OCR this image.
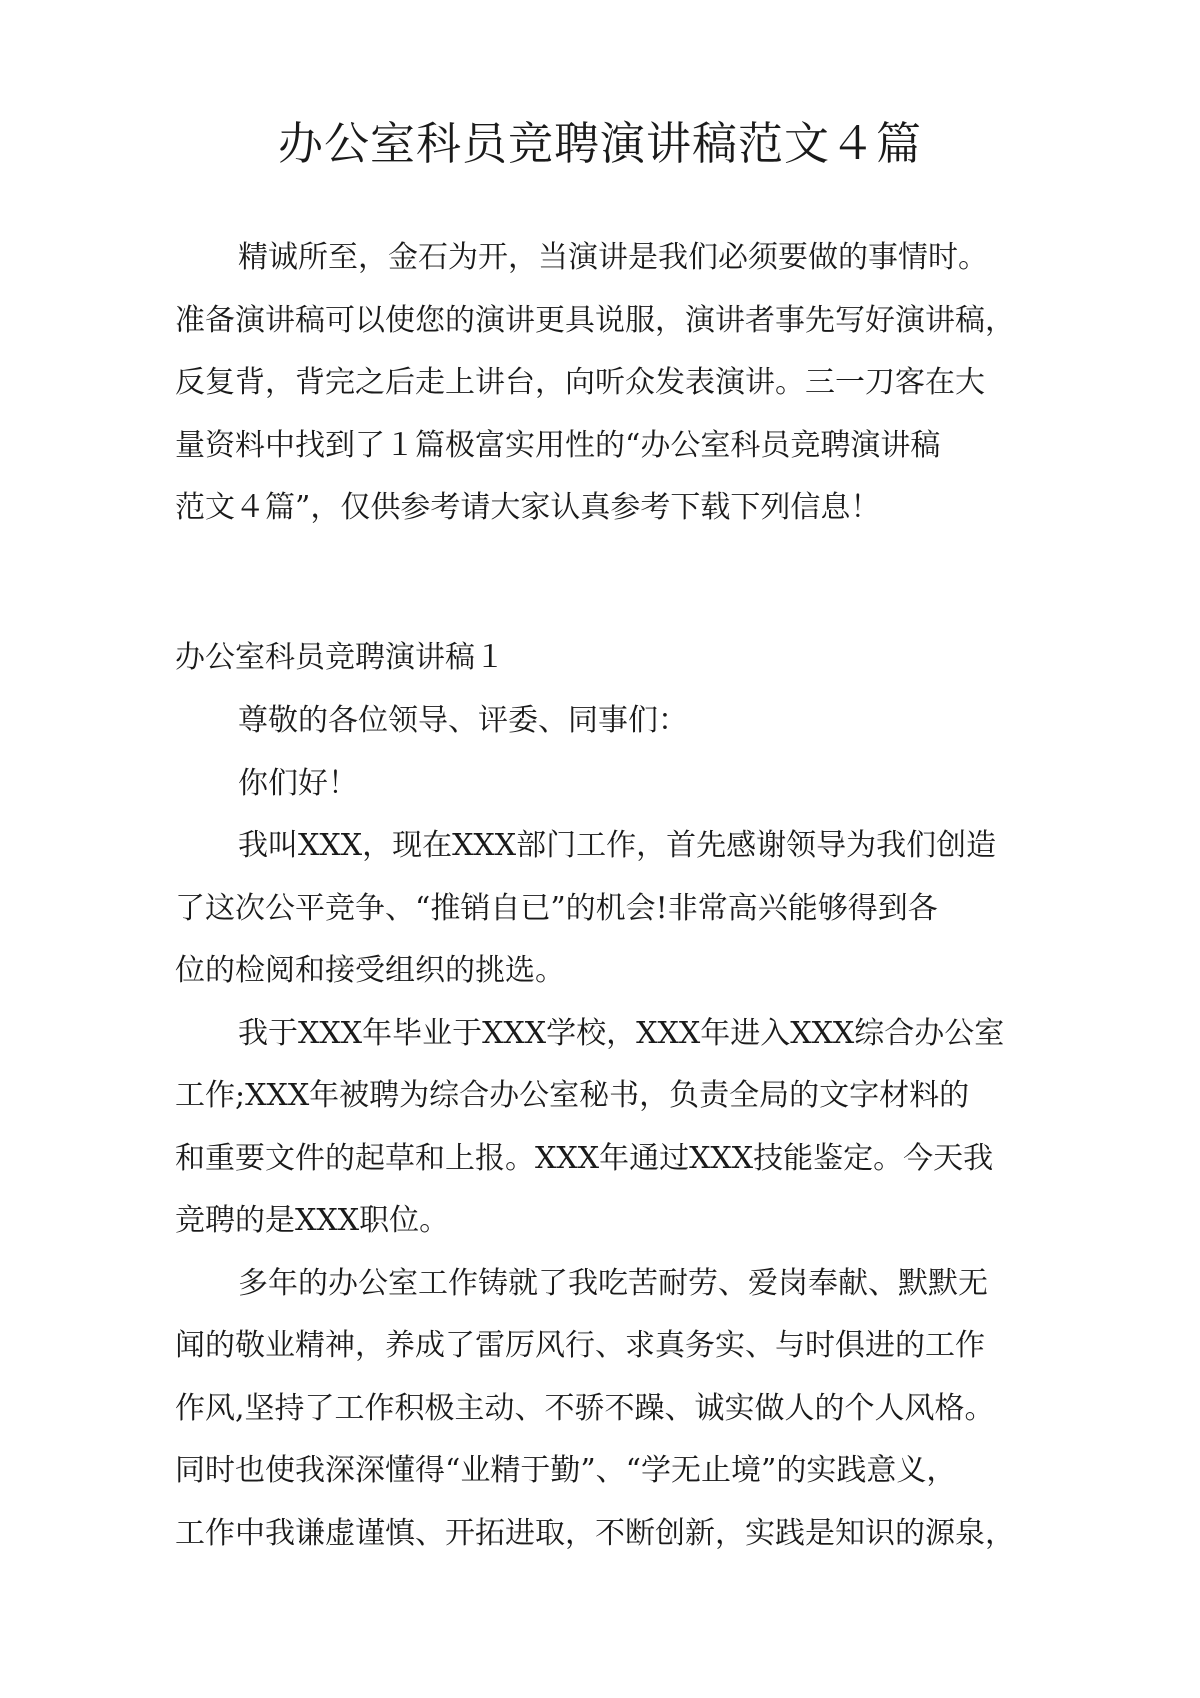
办公室科员竞聘演讲稿范文４篇
精诚所至，金石为开，当演讲是我们必须要做的事情时。
准备演讲稿可以使您的演讲更具说服，演讲者事先写好演讲稿，
反复背，背完之后走上讲台，向听众发表演讲。三一刀客在大
量资料中找到了１篇极富实用性的“办公室科员竞聘演讲稿
范文４篇”，仅供参考请大家认真参考下载下列信息！
办公室科员竞聘演讲稿１
尊敬的各位领导、评委、同事们：
你们好！
我叫XXX，现在XXX部门工作，首先感谢领导为我们创造
了这次公平竞争、“推销自已”的机会!非常高兴能够得到各
位的检阅和接受组织的挑选。
我于XXX年毕业于XXX学校，XXX年进入XXX综合办公室
工作;XXX年被聘为综合办公室秘书，负责全局的文字材料的
和重要文件的起草和上报。XXX年通过XXX技能鉴定。今天我
竞聘的是XXX职位。
多年的办公室工作铸就了我吃苦耐劳、爱岗奉献、默默无
闻的敬业精神，养成了雷厉风行、求真务实、与时俱进的工作
作风,坚持了工作积极主动、不骄不躁、诚实做人的个人风格。
同时也使我深深懂得“业精于勤”、“学无止境”的实践意义，
工作中我谦虚谨慎、开拓进取，不断创新，实践是知识的源泉，
